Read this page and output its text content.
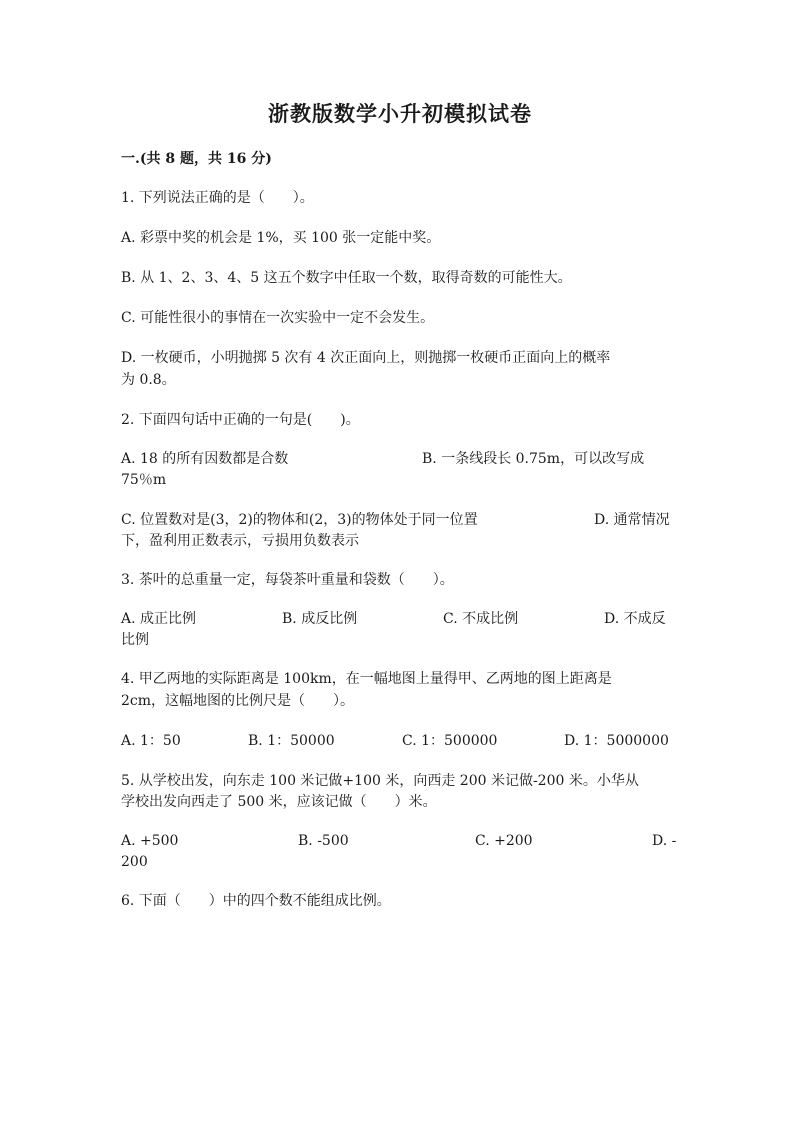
浙教版数学小升初模拟试卷
一.(共 8 题，共 16 分)
1. 下列说法正确的是（　　）。
A. 彩票中奖的机会是 1%，买 100 张一定能中奖。
B. 从 1、2、3、4、5 这五个数字中任取一个数，取得奇数的可能性大。
C. 可能性很小的事情在一次实验中一定不会发生。
D. 一枚硬币，小明抛掷 5 次有 4 次正面向上，则抛掷一枚硬币正面向上的概率
为 0.8。
2. 下面四句话中正确的一句是(　　)。
A. 18 的所有因数都是合数	B. 一条线段长 0.75m，可以改写成
75％m
C. 位置数对是(3，2)的物体和(2，3)的物体处于同一位置	D. 通常情况
下，盈利用正数表示，亏损用负数表示
3. 茶叶的总重量一定，每袋茶叶重量和袋数（　　）。
A. 成正比例	B. 成反比例	C. 不成比例	D. 不成反
比例
4. 甲乙两地的实际距离是 100km，在一幅地图上量得甲、乙两地的图上距离是
2cm，这幅地图的比例尺是（　　）。
A. 1：50	B. 1：50000	C. 1：500000	D. 1：5000000
5. 从学校出发，向东走 100 米记做+100 米，向西走 200 米记做-200 米。小华从
学校出发向西走了 500 米，应该记做（　　）米。
A. +500	B. -500	C. +200	D. -
200
6. 下面（　　）中的四个数不能组成比例。
